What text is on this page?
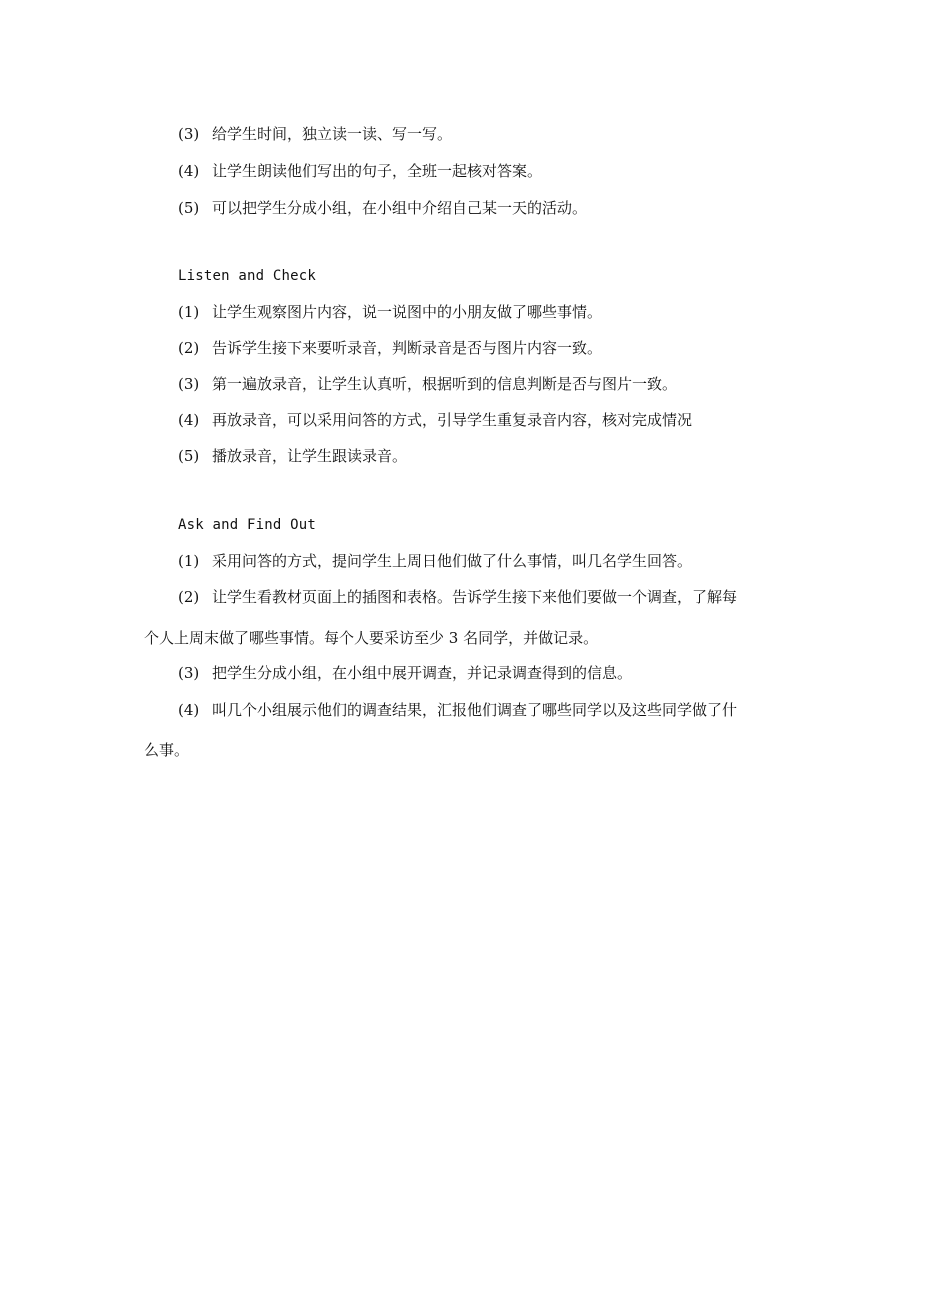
(3) 给学生时间，独立读一读、写一写。

(4) 让学生朗读他们写出的句子，全班一起核对答案。

(5) 可以把学生分成小组，在小组中介绍自己某一天的活动。

Listen and Check

(1) 让学生观察图片内容，说一说图中的小朋友做了哪些事情。

(2) 告诉学生接下来要听录音，判断录音是否与图片内容一致。

(3) 第一遍放录音，让学生认真听，根据听到的信息判断是否与图片一致。

(4) 再放录音，可以采用问答的方式，引导学生重复录音内容，核对完成情况

(5) 播放录音，让学生跟读录音。

Ask and Find Out

(1) 采用问答的方式，提问学生上周日他们做了什么事情，叫几名学生回答。

(2) 让学生看教材页面上的插图和表格。告诉学生接下来他们要做一个调查，了解每

个人上周末做了哪些事情。每个人要采访至少 3 名同学，并做记录。

(3) 把学生分成小组，在小组中展开调查，并记录调查得到的信息。

(4) 叫几个小组展示他们的调查结果，汇报他们调查了哪些同学以及这些同学做了什

么事。
